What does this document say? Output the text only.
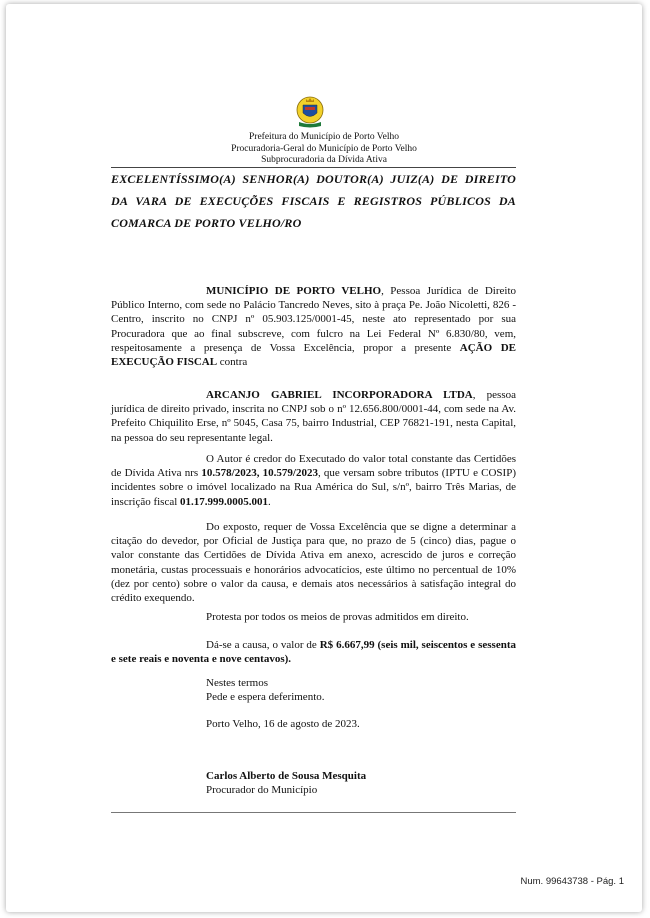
Prefeitura do Município de Porto Velho
Procuradoria-Geral do Município de Porto Velho
Subprocuradoria da Dívida Ativa
EXCELENTÍSSIMO(A) SENHOR(A) DOUTOR(A) JUIZ(A) DE DIREITO DA VARA DE EXECUÇÕES FISCAIS E REGISTROS PÚBLICOS DA COMARCA DE PORTO VELHO/RO
MUNICÍPIO DE PORTO VELHO, Pessoa Jurídica de Direito Público Interno, com sede no Palácio Tancredo Neves, sito à praça Pe. João Nicoletti, 826 - Centro, inscrito no CNPJ nº 05.903.125/0001-45, neste ato representado por sua Procuradora que ao final subscreve, com fulcro na Lei Federal Nº 6.830/80, vem, respeitosamente a presença de Vossa Excelência, propor a presente AÇÃO DE EXECUÇÃO FISCAL contra
ARCANJO GABRIEL INCORPORADORA LTDA, pessoa jurídica de direito privado, inscrita no CNPJ sob o nº 12.656.800/0001-44, com sede na Av. Prefeito Chiquilito Erse, nº 5045, Casa 75, bairro Industrial, CEP 76821-191, nesta Capital, na pessoa do seu representante legal.
O Autor é credor do Executado do valor total constante das Certidões de Dívida Ativa nrs 10.578/2023, 10.579/2023, que versam sobre tributos (IPTU e COSIP) incidentes sobre o imóvel localizado na Rua América do Sul, s/nº, bairro Três Marias, de inscrição fiscal 01.17.999.0005.001.
Do exposto, requer de Vossa Excelência que se digne a determinar a citação do devedor, por Oficial de Justiça para que, no prazo de 5 (cinco) dias, pague o valor constante das Certidões de Dívida Ativa em anexo, acrescido de juros e correção monetária, custas processuais e honorários advocatícios, este último no percentual de 10% (dez por cento) sobre o valor da causa, e demais atos necessários à satisfação integral do crédito exequendo.
Protesta por todos os meios de provas admitidos em direito.
Dá-se a causa, o valor de R$ 6.667,99 (seis mil, seiscentos e sessenta e sete reais e noventa e nove centavos).
Nestes termos
Pede e espera deferimento.
Porto Velho, 16 de agosto de 2023.
Carlos Alberto de Sousa Mesquita
Procurador do Município
Num. 99643738 - Pág. 1
